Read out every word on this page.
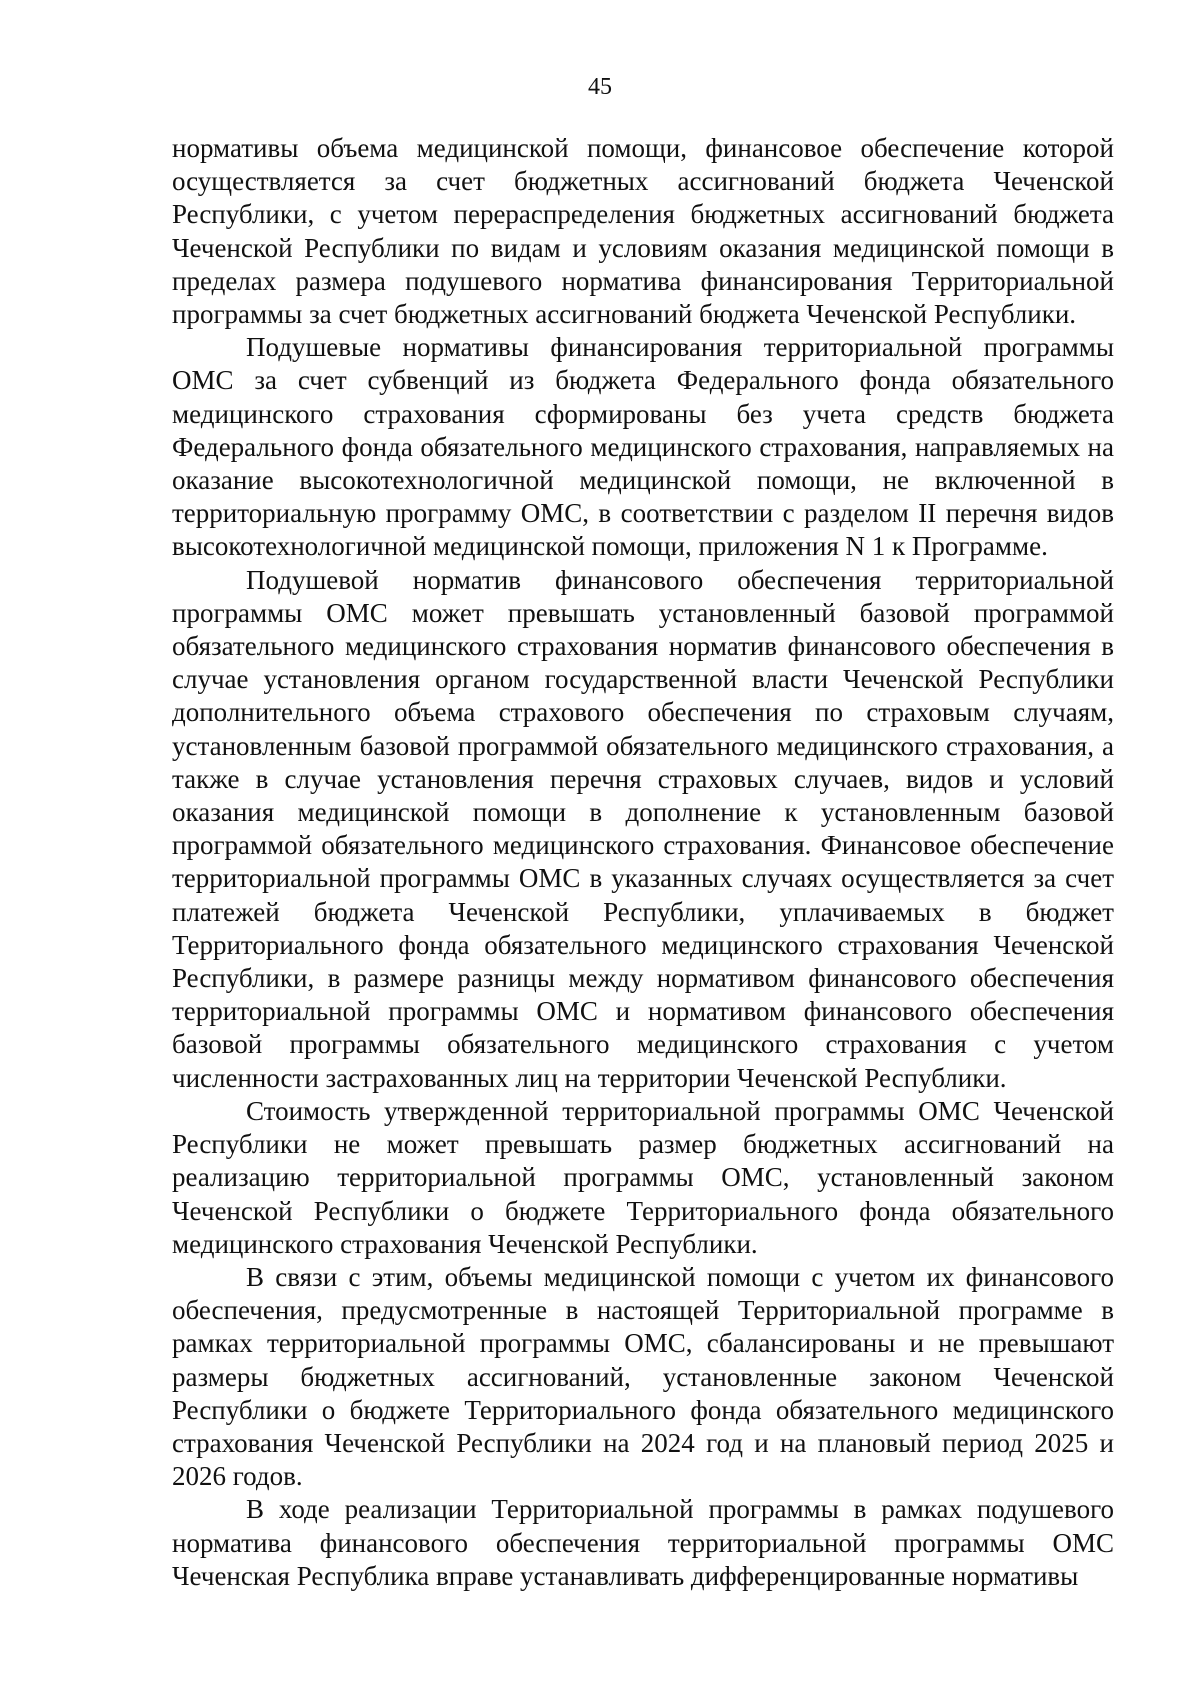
45

нормативы объема медицинской помощи, финансовое обеспечение которой осуществляется за счет бюджетных ассигнований бюджета Чеченской Республики, с учетом перераспределения бюджетных ассигнований бюджета Чеченской Республики по видам и условиям оказания медицинской помощи в пределах размера подушевого норматива финансирования Территориальной программы за счет бюджетных ассигнований бюджета Чеченской Республики.

Подушевые нормативы финансирования территориальной программы ОМС за счет субвенций из бюджета Федерального фонда обязательного медицинского страхования сформированы без учета средств бюджета Федерального фонда обязательного медицинского страхования, направляемых на оказание высокотехнологичной медицинской помощи, не включенной в территориальную программу ОМС, в соответствии с разделом II перечня видов высокотехнологичной медицинской помощи, приложения N 1 к Программе.

Подушевой норматив финансового обеспечения территориальной программы ОМС может превышать установленный базовой программой обязательного медицинского страхования норматив финансового обеспечения в случае установления органом государственной власти Чеченской Республики дополнительного объема страхового обеспечения по страховым случаям, установленным базовой программой обязательного медицинского страхования, а также в случае установления перечня страховых случаев, видов и условий оказания медицинской помощи в дополнение к установленным базовой программой обязательного медицинского страхования. Финансовое обеспечение территориальной программы ОМС в указанных случаях осуществляется за счет платежей бюджета Чеченской Республики, уплачиваемых в бюджет Территориального фонда обязательного медицинского страхования Чеченской Республики, в размере разницы между нормативом финансового обеспечения территориальной программы ОМС и нормативом финансового обеспечения базовой программы обязательного медицинского страхования с учетом численности застрахованных лиц на территории Чеченской Республики.

Стоимость утвержденной территориальной программы ОМС Чеченской Республики не может превышать размер бюджетных ассигнований на реализацию территориальной программы ОМС, установленный законом Чеченской Республики о бюджете Территориального фонда обязательного медицинского страхования Чеченской Республики.

В связи с этим, объемы медицинской помощи с учетом их финансового обеспечения, предусмотренные в настоящей Территориальной программе в рамках территориальной программы ОМС, сбалансированы и не превышают размеры бюджетных ассигнований, установленные законом Чеченской Республики о бюджете Территориального фонда обязательного медицинского страхования Чеченской Республики на 2024 год и на плановый период 2025 и 2026 годов.

В ходе реализации Территориальной программы в рамках подушевого норматива финансового обеспечения территориальной программы ОМС Чеченская Республика вправе устанавливать дифференцированные нормативы
